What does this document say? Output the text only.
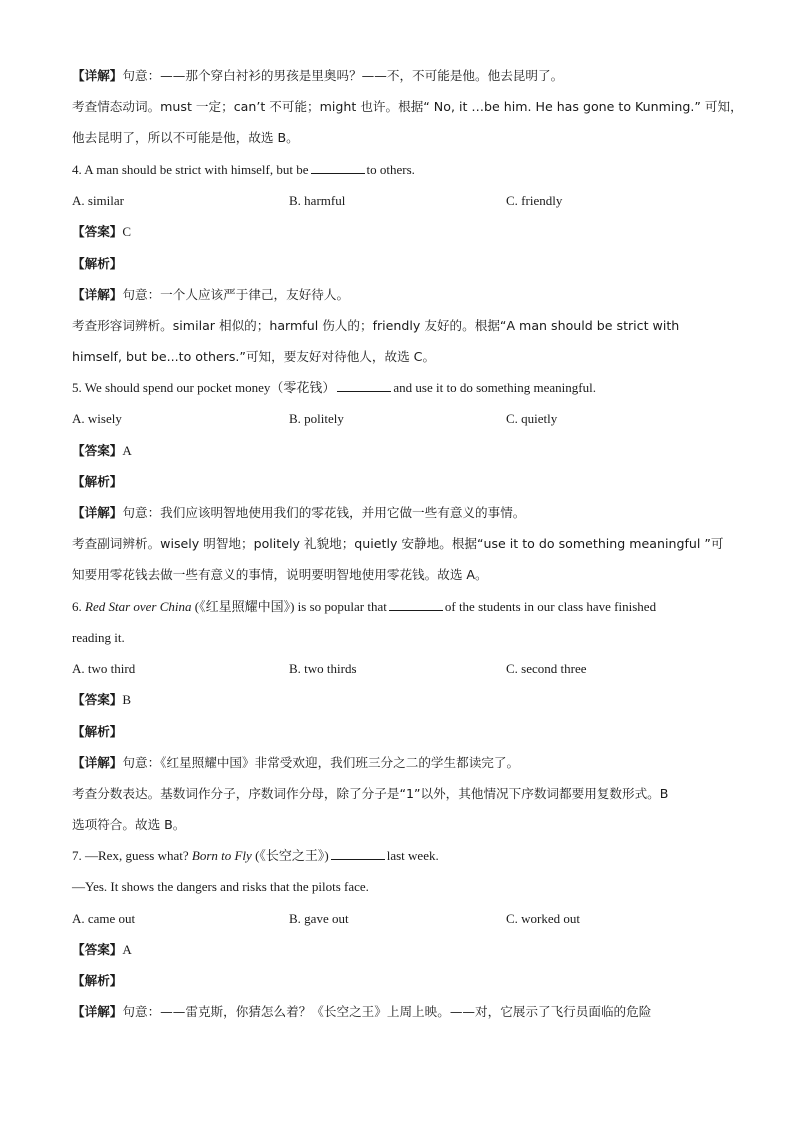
【详解】句意：——那个穿白衬衫的男孩是里奥吗？——不，不可能是他。他去昆明了。
考查情态动词。must 一定；can’t 不可能；might 也许。根据“ No, it …be him. He has gone to Kunming.” 可知，
他去昆明了，所以不可能是他，故选 B。
4. A man should be strict with himself, but be	to others.
A. similar	B. harmful	C. friendly
【答案】C
【解析】
【详解】句意：一个人应该严于律己，友好待人。
考查形容词辨析。similar 相似的；harmful 伤人的；friendly 友好的。根据“A man should be strict with
himself, but be...to others.”可知，要友好对待他人，故选 C。
5. We should spend our pocket money（零花钱）	and use it to do something meaningful.
A. wisely	B. politely	C. quietly
【答案】A
【解析】
【详解】句意：我们应该明智地使用我们的零花钱，并用它做一些有意义的事情。
考查副词辨析。wisely 明智地；politely 礼貌地；quietly 安静地。根据“use it to do something meaningful ”可
知要用零花钱去做一些有意义的事情，说明要明智地使用零花钱。故选 A。
6. Red Star over China (《红星照耀中国》) is so popular that	of the students in our class have finished
reading it.
A. two third	B. two thirds	C. second three
【答案】B
【解析】
【详解】句意：《红星照耀中国》非常受欢迎，我们班三分之二的学生都读完了。
考查分数表达。基数词作分子，序数词作分母，除了分子是“1”以外，其他情况下序数词都要用复数形式。B
选项符合。故选 B。
7. —Rex, guess what? Born to Fly (《长空之王》)	last week.
—Yes. It shows the dangers and risks that the pilots face.
A. came out	B. gave out	C. worked out
【答案】A
【解析】
【详解】句意：——雷克斯，你猜怎么着？《长空之王》上周上映。——对，它展示了飞行员面临的危险
